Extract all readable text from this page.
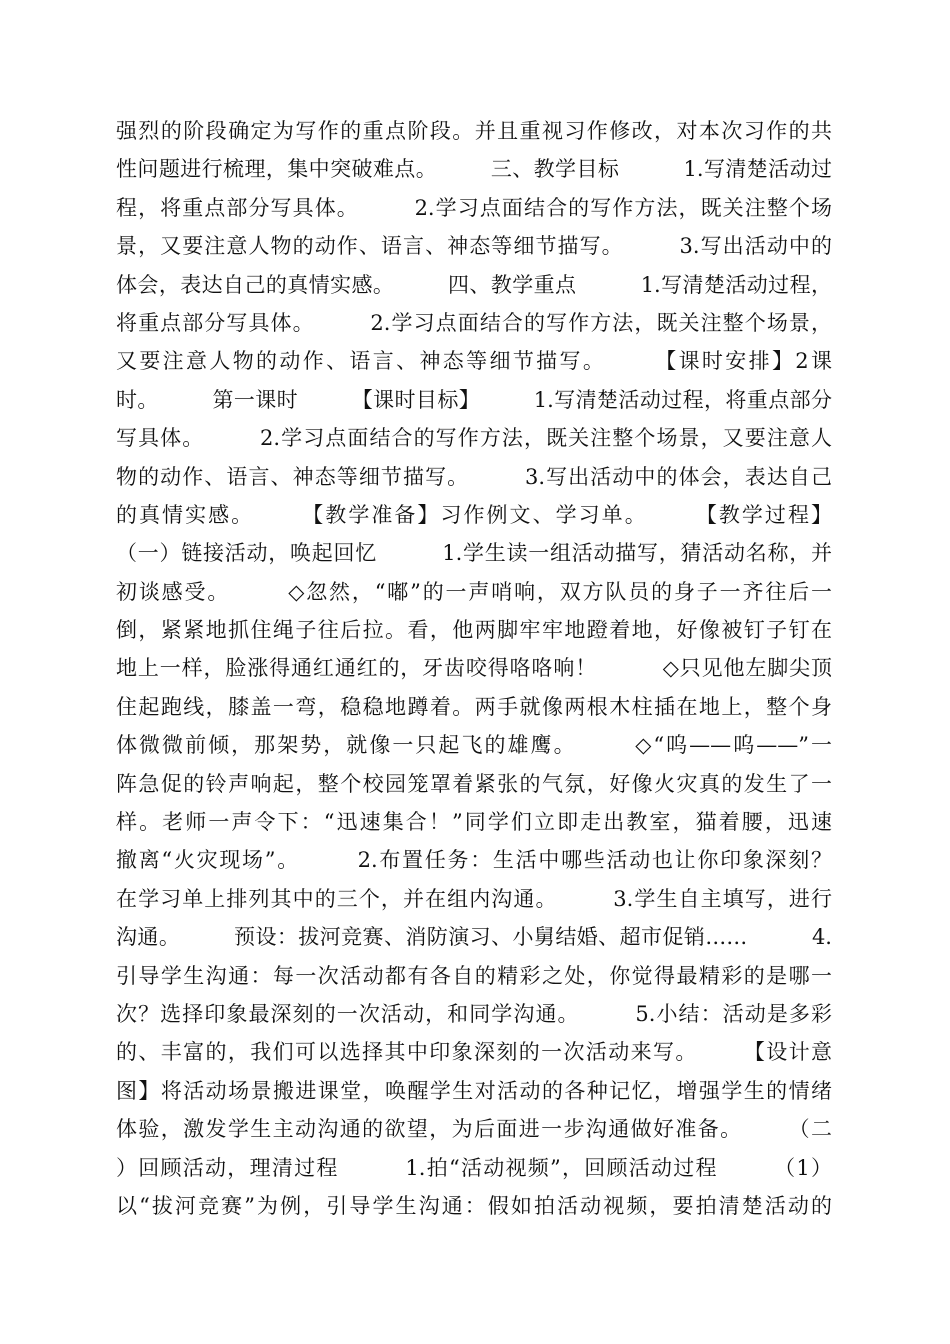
强烈的阶段确定为写作的重点阶段。并且重视习作修改，对本次习作的共
性问题进行梳理，集中突破难点。　　　三、教学目标　　　1.写清楚活动过
程，将重点部分写具体。　　　2.学习点面结合的写作方法，既关注整个场
景，又要注意人物的动作、语言、神态等细节描写。　　　3.写出活动中的
体会，表达自己的真情实感。　　　四、教学重点　　　1.写清楚活动过程，
将重点部分写具体。　　　2.学习点面结合的写作方法，既关注整个场景，
又要注意人物的动作、语言、神态等细节描写。　　　【课时安排】2课
时。　　　第一课时　　　【课时目标】　　　1.写清楚活动过程，将重点部分
写具体。　　　2.学习点面结合的写作方法，既关注整个场景，又要注意人
物的动作、语言、神态等细节描写。　　　3.写出活动中的体会，表达自己
的真情实感。　　　【教学准备】习作例文、学习单。　　　【教学过程】
（一）链接活动，唤起回忆　　　1.学生读一组活动描写，猜活动名称，并
初谈感受。　　　◇忽然，“嘟”的一声哨响，双方队员的身子一齐往后一
倒，紧紧地抓住绳子往后拉。看，他两脚牢牢地蹬着地，好像被钉子钉在
地上一样，脸涨得通红通红的，牙齿咬得咯咯响！　　　◇只见他左脚尖顶
住起跑线，膝盖一弯，稳稳地蹲着。两手就像两根木柱插在地上，整个身
体微微前倾，那架势，就像一只起飞的雄鹰。　　　◇“呜——呜——”一
阵急促的铃声响起，整个校园笼罩着紧张的气氛，好像火灾真的发生了一
样。老师一声令下：“迅速集合！”同学们立即走出教室，猫着腰，迅速
撤离“火灾现场”。　　　2.布置任务：生活中哪些活动也让你印象深刻？
在学习单上排列其中的三个，并在组内沟通。　　　3.学生自主填写，进行
沟通。　　　预设：拔河竞赛、消防演习、小舅结婚、超市促销……　　　4.
引导学生沟通：每一次活动都有各自的精彩之处，你觉得最精彩的是哪一
次？选择印象最深刻的一次活动，和同学沟通。　　　5.小结：活动是多彩
的、丰富的，我们可以选择其中印象深刻的一次活动来写。　　　【设计意
图】将活动场景搬进课堂，唤醒学生对活动的各种记忆，增强学生的情绪
体验，激发学生主动沟通的欲望，为后面进一步沟通做好准备。　　　（二
）回顾活动，理清过程　　　1.拍“活动视频”，回顾活动过程　　　（1）
以“拔河竞赛”为例，引导学生沟通：假如拍活动视频，要拍清楚活动的
